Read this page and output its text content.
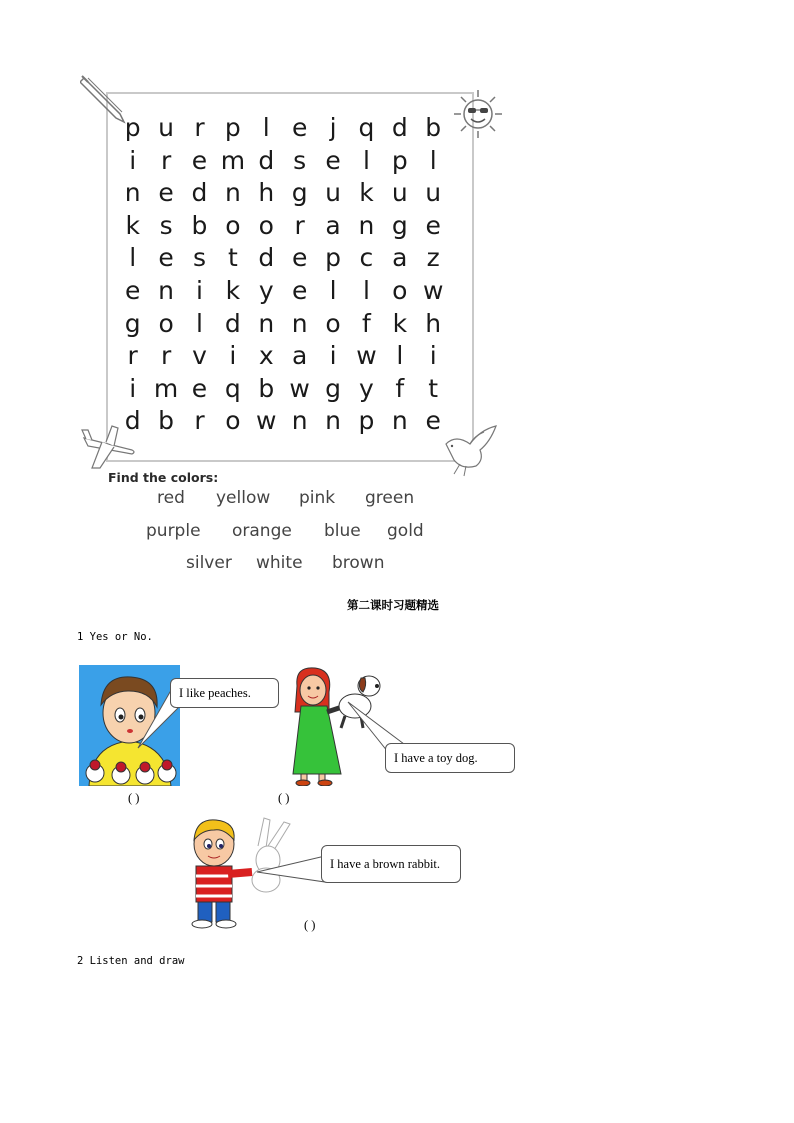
p u r p l e j q d b
i r e m d s e l p l
n e d n h g u k u u
k s b o o r a n g e
l e s t d e p c a z
e n i k y e l	l o w
g o l d n n o f k h
r r v i x a i w l	i
i m e q b w g y f t
d b r o w n n p n e
Find the colors:
red yellow pink green
purple orange blue gold
silver white brown
第二课时习题精选
1 Yes or No.
I like peaches.
( )
I have a toy dog.
( )
I have a brown rabbit.
( )
2 Listen and draw
